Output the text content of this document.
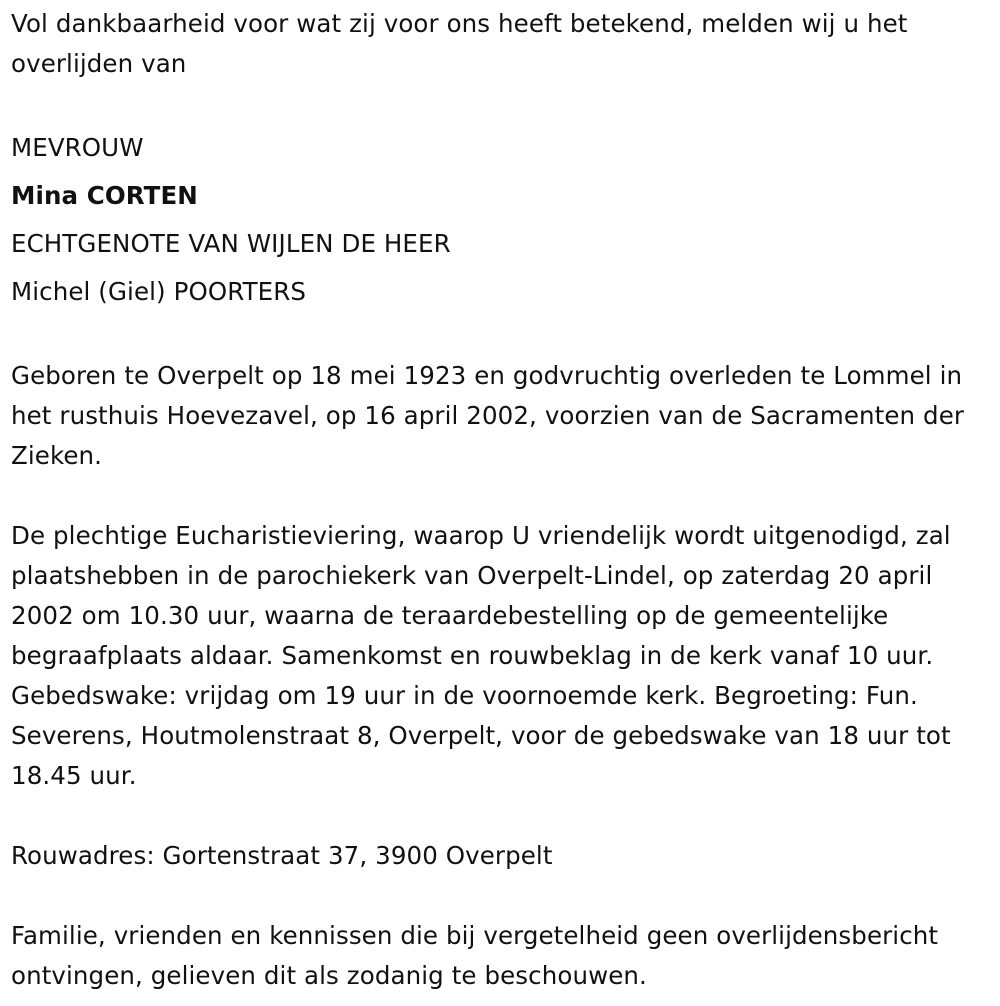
Vol dankbaarheid voor wat zij voor ons heeft betekend, melden wij u het overlijden van

MEVROUW
Mina CORTEN
ECHTGENOTE VAN WIJLEN DE HEER
Michel (Giel) POORTERS

Geboren te Overpelt op 18 mei 1923 en godvruchtig overleden te Lommel in het rusthuis Hoevezavel, op 16 april 2002, voorzien van de Sacramenten der Zieken.

De plechtige Eucharistieviering, waarop U vriendelijk wordt uitgenodigd, zal plaatshebben in de parochiekerk van Overpelt-Lindel, op zaterdag 20 april 2002 om 10.30 uur, waarna de teraardebestelling op de gemeentelijke begraafplaats aldaar. Samenkomst en rouwbeklag in de kerk vanaf 10 uur. Gebedswake: vrijdag om 19 uur in de voornoemde kerk. Begroeting: Fun. Severens, Houtmolenstraat 8, Overpelt, voor de gebedswake van 18 uur tot 18.45 uur.

Rouwadres: Gortenstraat 37, 3900 Overpelt

Familie, vrienden en kennissen die bij vergetelheid geen overlijdensbericht ontvingen, gelieven dit als zodanig te beschouwen.
